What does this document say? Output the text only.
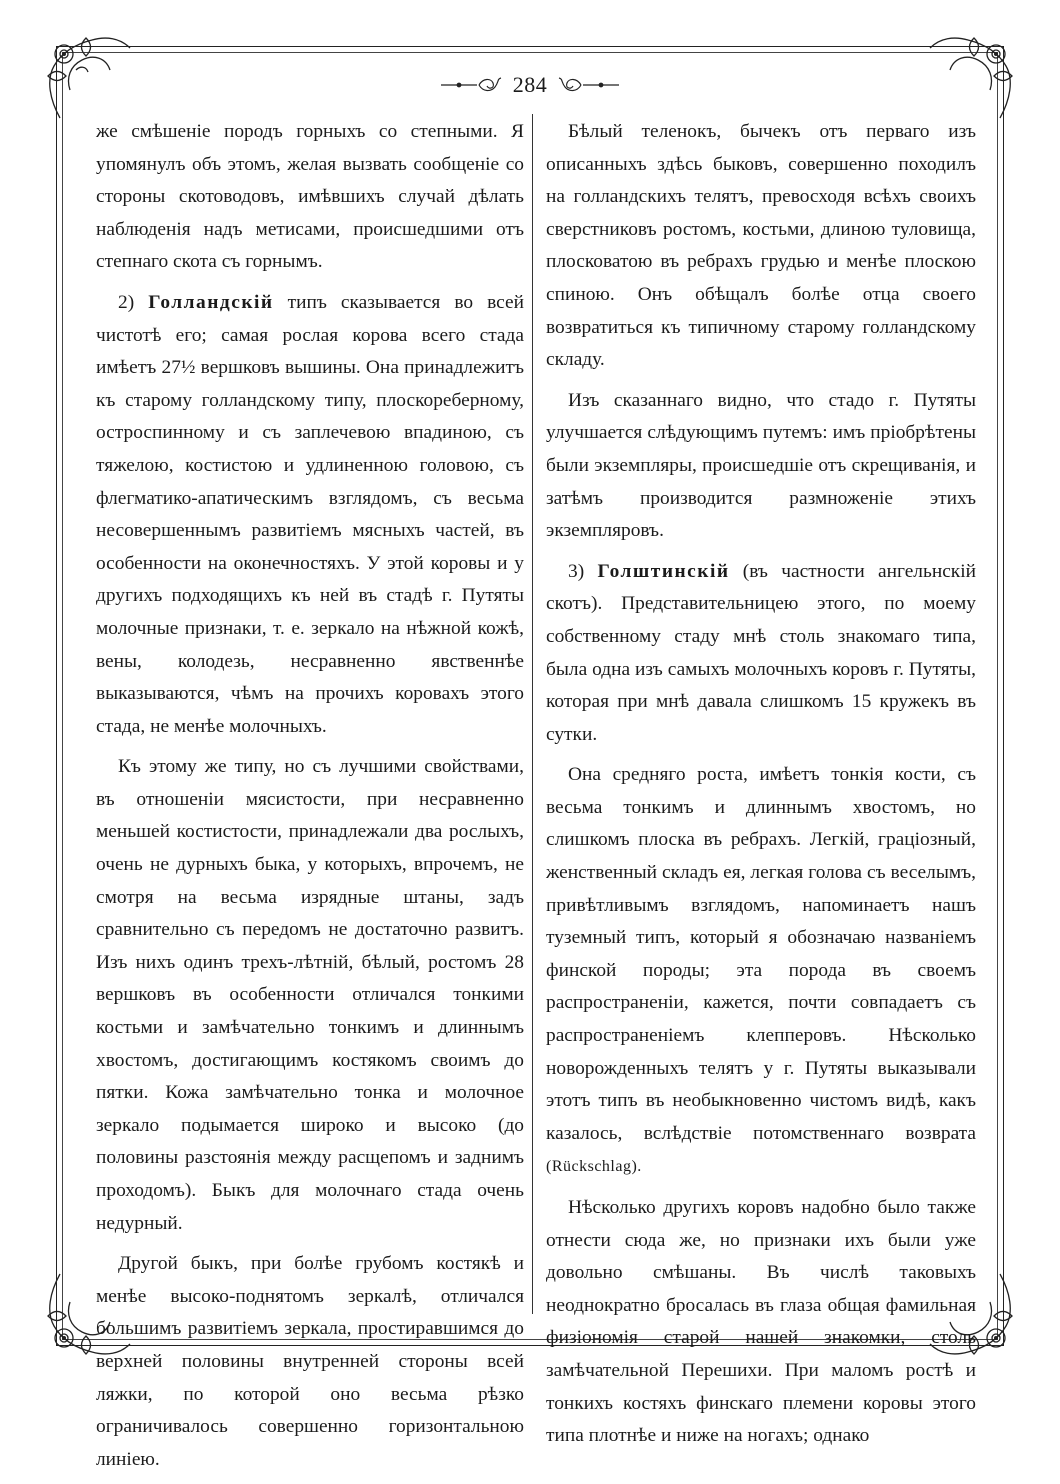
284

же смѣшеніе породъ горныхъ со степными. Я упомянулъ объ этомъ, желая вызвать сообщеніе со стороны скотоводовъ, имѣвшихъ случай дѣлать наблюденія надъ метисами, происшедшими отъ степнаго скота съ горнымъ.

2) Голландскій типъ сказывается во всей чистотѣ его; самая рослая корова всего стада имѣетъ 27½ вершковъ вышины. Она принадлежитъ къ старому голландскому типу, плоскореберному, остроспинному и съ заплечевою впадиною, съ тяжелою, костистою и удлиненною головою, съ флегматико-апатическимъ взглядомъ, съ весьма несовершеннымъ развитіемъ мясныхъ частей, въ особенности на оконечностяхъ. У этой коровы и у другихъ подходящихъ къ ней въ стадѣ г. Путяты молочные признаки, т. е. зеркало на нѣжной кожѣ, вены, колодезь, несравненно явственнѣе выказываются, чѣмъ на прочихъ коровахъ этого стада, не менѣе молочныхъ.

Къ этому же типу, но съ лучшими свойствами, въ отношеніи мясистости, при несравненно меньшей костистости, принадлежали два рослыхъ, очень не дурныхъ быка, у которыхъ, впрочемъ, не смотря на весьма изрядные штаны, задъ сравнительно съ передомъ не достаточно развитъ. Изъ нихъ одинъ трехъ-лѣтній, бѣлый, ростомъ 28 вершковъ въ особенности отличался тонкими костьми и замѣчательно тонкимъ и длиннымъ хвостомъ, достигающимъ костякомъ своимъ до пятки. Кожа замѣчательно тонка и молочное зеркало подымается широко и высоко (до половины разстоянія между расщепомъ и заднимъ проходомъ). Быкъ для молочнаго стада очень недурный.

Другой быкъ, при болѣе грубомъ костякѣ и менѣе высоко-поднятомъ зеркалѣ, отличался большимъ развитіемъ зеркала, простиравшимся до верхней половины внутренней стороны всей ляжки, по которой оно весьма рѣзко ограничивалось совершенно горизонтальною линіею.

Бѣлый теленокъ, бычекъ отъ перваго изъ описанныхъ здѣсь быковъ, совершенно походилъ на голландскихъ телятъ, превосходя всѣхъ своихъ сверстниковъ ростомъ, костьми, длиною туловища, плосковатою въ ребрахъ грудью и менѣе плоскою спиною. Онъ обѣщалъ болѣе отца своего возвратиться къ типичному старому голландскому складу.

Изъ сказаннаго видно, что стадо г. Путяты улучшается слѣдующимъ путемъ: имъ пріобрѣтены были экземпляры, происшедшіе отъ скрещиванія, и затѣмъ производится размноженіе этихъ экземпляровъ.

3) Голштинскій (въ частности ангельнскій скотъ). Представительницею этого, по моему собственному стаду мнѣ столь знакомаго типа, была одна изъ самыхъ молочныхъ коровъ г. Путяты, которая при мнѣ давала слишкомъ 15 кружекъ въ сутки.

Она средняго роста, имѣетъ тонкія кости, съ весьма тонкимъ и длиннымъ хвостомъ, но слишкомъ плоска въ ребрахъ. Легкій, граціозный, женственный складъ ея, легкая голова съ веселымъ, привѣтливымъ взглядомъ, напоминаетъ нашъ туземный типъ, который я обозначаю названіемъ финской породы; эта порода въ своемъ распространеніи, кажется, почти совпадаетъ съ распространеніемъ клепперовъ. Нѣсколько новорожденныхъ телятъ у г. Путяты выказывали этотъ типъ въ необыкновенно чистомъ видѣ, какъ казалось, вслѣдствіе потомственнаго возврата (Rückschlag).

Нѣсколько другихъ коровъ надобно было также отнести сюда же, но признаки ихъ были уже довольно смѣшаны. Въ числѣ таковыхъ неоднократно бросалась въ глаза общая фамильная физіономія старой нашей знакомки, столь замѣчательной Перешихи. При маломъ ростѣ и тонкихъ костяхъ финскаго племени коровы этого типа плотнѣе и ниже на ногахъ; однако
